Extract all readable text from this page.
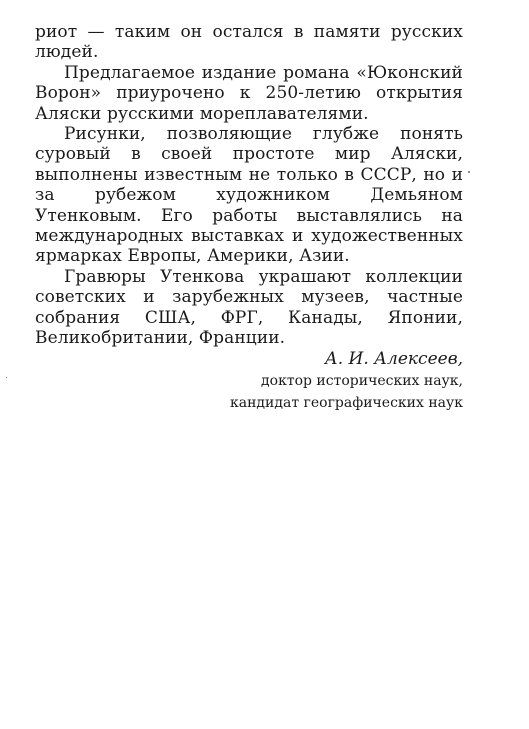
риот — таким он остался в памяти русских людей.

Предлагаемое издание романа «Юконский Ворон» приурочено к 250-летию открытия Аляски русскими мореплавателями.

Рисунки, позволяющие глубже понять суровый в своей простоте мир Аляски, выполнены известным не только в СССР, но и за рубежом художником Демьяном Утенковым. Его работы выставлялись на международных выставках и художественных ярмарках Европы, Америки, Азии.

Гравюры Утенкова украшают коллекции советских и зарубежных музеев, частные собрания США, ФРГ, Канады, Японии, Великобритании, Франции.

А. И. Алексеев,
доктор исторических наук,
кандидат географических наук
